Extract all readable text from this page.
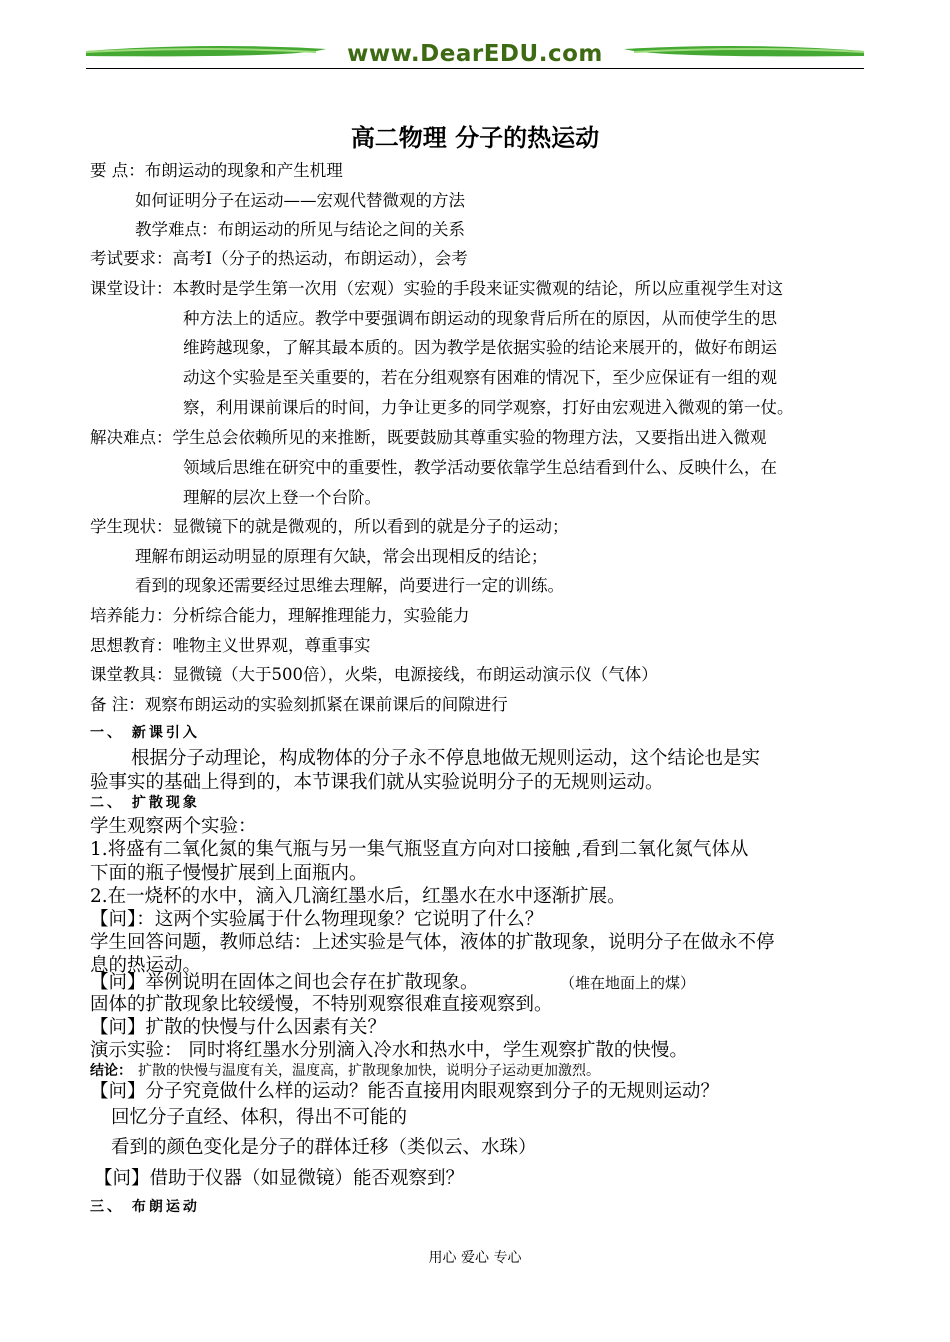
www.DearEDU.com
高二物理 分子的热运动
要 点：布朗运动的现象和产生机理
如何证明分子在运动——宏观代替微观的方法
教学难点：布朗运动的所见与结论之间的关系
考试要求：高考Ⅰ（分子的热运动，布朗运动），会考
课堂设计：本教时是学生第一次用（宏观）实验的手段来证实微观的结论，所以应重视学生对这
种方法上的适应。教学中要强调布朗运动的现象背后所在的原因，从而使学生的思
维跨越现象，了解其最本质的。因为教学是依据实验的结论来展开的，做好布朗运
动这个实验是至关重要的，若在分组观察有困难的情况下，至少应保证有一组的观
察，利用课前课后的时间，力争让更多的同学观察，打好由宏观进入微观的第一仗。
解决难点：学生总会依赖所见的来推断，既要鼓励其尊重实验的物理方法，又要指出进入微观
领域后思维在研究中的重要性，教学活动要依靠学生总结看到什么、反映什么，在
理解的层次上登一个台阶。
学生现状：显微镜下的就是微观的，所以看到的就是分子的运动；
理解布朗运动明显的原理有欠缺，常会出现相反的结论；
看到的现象还需要经过思维去理解，尚要进行一定的训练。
培养能力：分析综合能力，理解推理能力，实验能力
思想教育：唯物主义世界观，尊重事实
课堂教具：显微镜（大于500倍），火柴，电源接线，布朗运动演示仪（气体）
备 注：观察布朗运动的实验刻抓紧在课前课后的间隙进行
一、 新课引入
根据分子动理论，构成物体的分子永不停息地做无规则运动，这个结论也是实
验事实的基础上得到的，本节课我们就从实验说明分子的无规则运动。
二、 扩散现象
学生观察两个实验：
1.将盛有二氧化氮的集气瓶与另一集气瓶竖直方向对口接触 ,看到二氧化氮气体从
下面的瓶子慢慢扩展到上面瓶内。
2.在一烧杯的水中，滴入几滴红墨水后，红墨水在水中逐渐扩展。
【问】：这两个实验属于什么物理现象？它说明了什么？
学生回答问题，教师总结：上述实验是气体，液体的扩散现象，说明分子在做永不停
息的热运动。
【问】举例说明在固体之间也会存在扩散现象。	（堆在地面上的煤）
固体的扩散现象比较缓慢，不特别观察很难直接观察到。
【问】扩散的快慢与什么因素有关？
演示实验： 同时将红墨水分别滴入冷水和热水中，学生观察扩散的快慢。
结论： 扩散的快慢与温度有关，温度高，扩散现象加快，说明分子运动更加激烈。
【问】分子究竟做什么样的运动？能否直接用肉眼观察到分子的无规则运动？
回忆分子直经、体积，得出不可能的
看到的颜色变化是分子的群体迁移（类似云、水珠）
【问】借助于仪器（如显微镜）能否观察到？
三、 布朗运动
用心 爱心 专心
